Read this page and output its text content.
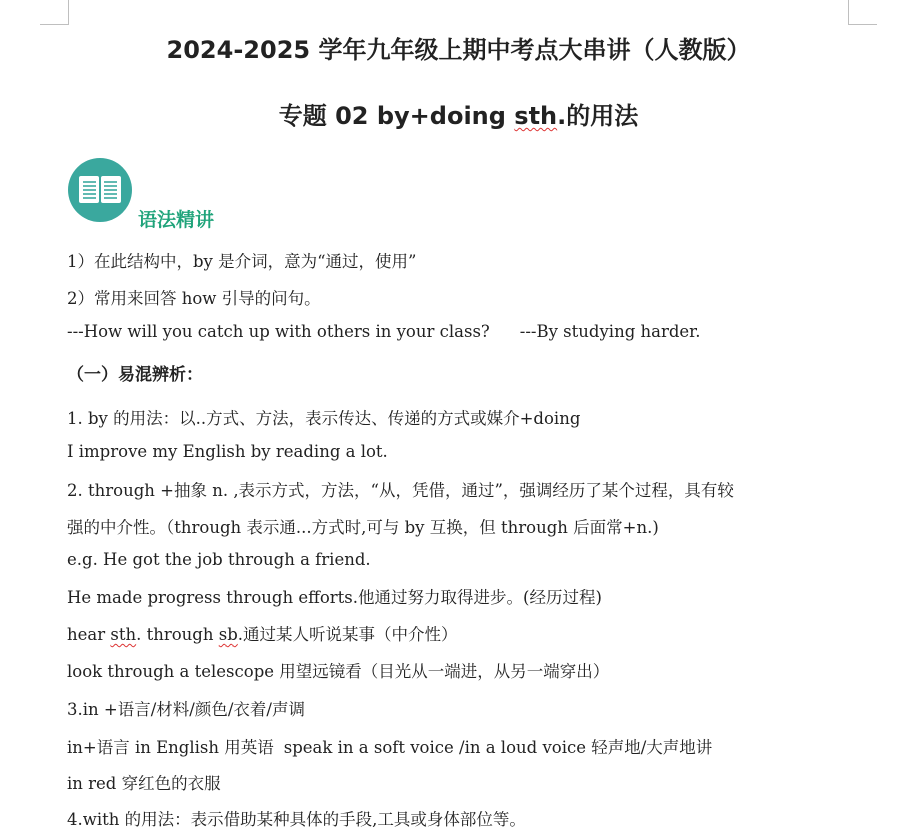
2024-2025 学年九年级上期中考点大串讲（人教版）
专题 02 by+doing sth.的用法
语法精讲
1）在此结构中，by 是介词，意为“通过，使用”
2）常用来回答 how 引导的问句。
---How will you catch up with others in your class? ---By studying harder.
（一）易混辨析：
1. by 的用法：以..方式、方法，表示传达、传递的方式或媒介+doing
I improve my English by reading a lot.
2. through +抽象 n. ,表示方式，方法，“从，凭借，通过”，强调经历了某个过程，具有较
强的中介性。（through 表示通...方式时,可与 by 互换，但 through 后面常+n.)
e.g. He got the job through a friend.
He made progress through efforts.他通过努力取得进步。(经历过程)
hear sth. through sb.通过某人听说某事（中介性）
look through a telescope 用望远镜看（目光从一端进，从另一端穿出）
3.in +语言/材料/颜色/衣着/声调
in+语言 in English 用英语 speak in a soft voice /in a loud voice 轻声地/大声地讲
in red 穿红色的衣服
4.with 的用法：表示借助某种具体的手段,工具或身体部位等。
